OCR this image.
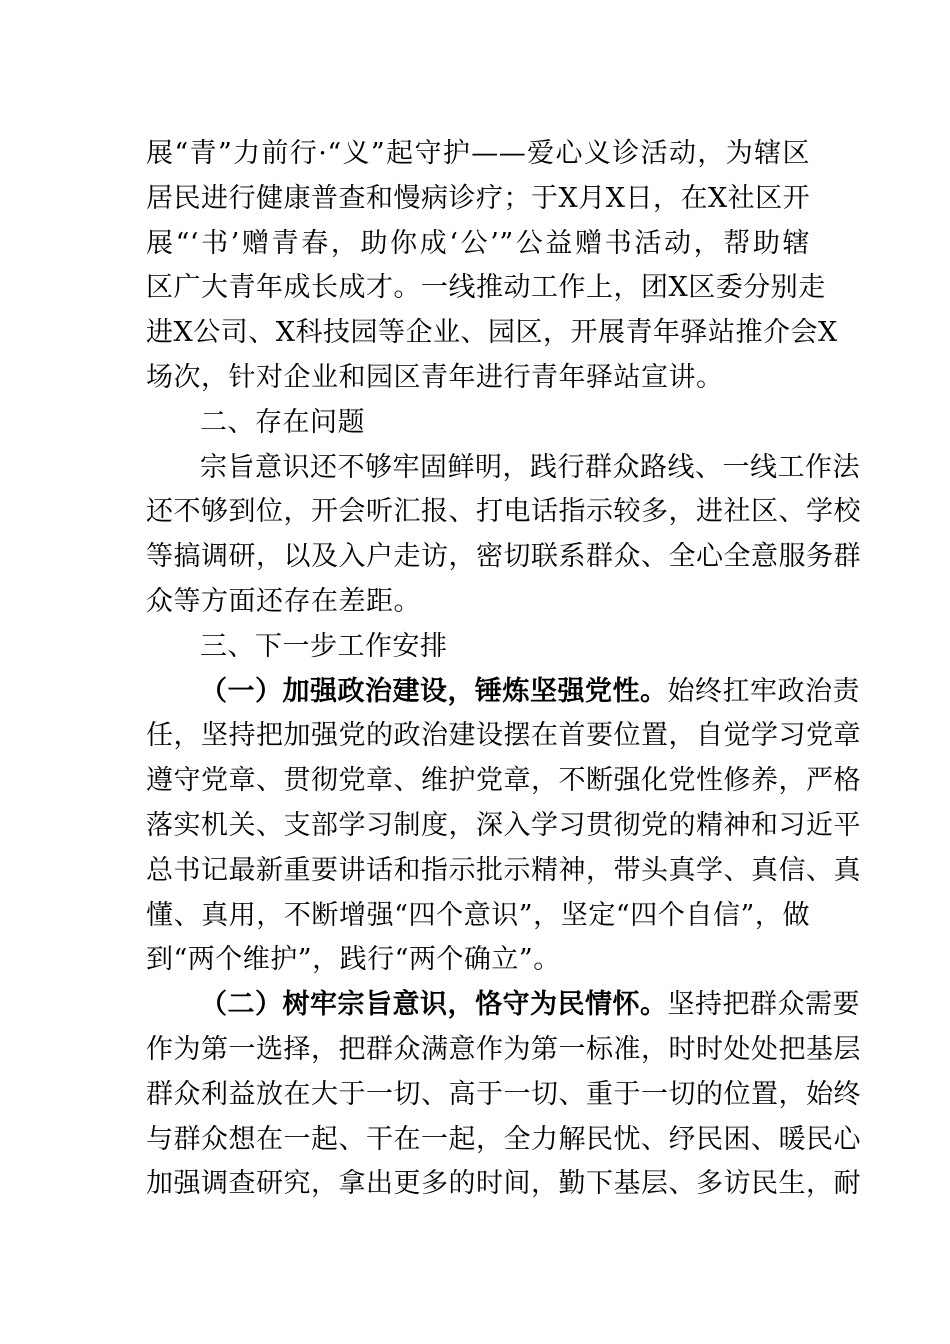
展“青”力前行·“义”起守护——爱心义诊活动，为辖区
居民进行健康普查和慢病诊疗；于X月X日，在X社区开
展“‘书’赠青春，助你成‘公’”公益赠书活动，帮助辖
区广大青年成长成才。一线推动工作上，团X区委分别走
进X公司、X科技园等企业、园区，开展青年驿站推介会X
场次，针对企业和园区青年进行青年驿站宣讲。
二、存在问题
宗旨意识还不够牢固鲜明，践行群众路线、一线工作法
还不够到位，开会听汇报、打电话指示较多，进社区、学校
等搞调研，以及入户走访，密切联系群众、全心全意服务群
众等方面还存在差距。
三、下一步工作安排
（一）加强政治建设，锤炼坚强党性。始终扛牢政治责
任，坚持把加强党的政治建设摆在首要位置，自觉学习党章
遵守党章、贯彻党章、维护党章，不断强化党性修养，严格
落实机关、支部学习制度，深入学习贯彻党的精神和习近平
总书记最新重要讲话和指示批示精神，带头真学、真信、真
懂、真用，不断增强“四个意识”，坚定“四个自信”，做
到“两个维护”，践行“两个确立”。
（二）树牢宗旨意识，恪守为民情怀。坚持把群众需要
作为第一选择，把群众满意作为第一标准，时时处处把基层
群众利益放在大于一切、高于一切、重于一切的位置，始终
与群众想在一起、干在一起，全力解民忧、纾民困、暖民心
加强调查研究，拿出更多的时间，勤下基层、多访民生，耐
